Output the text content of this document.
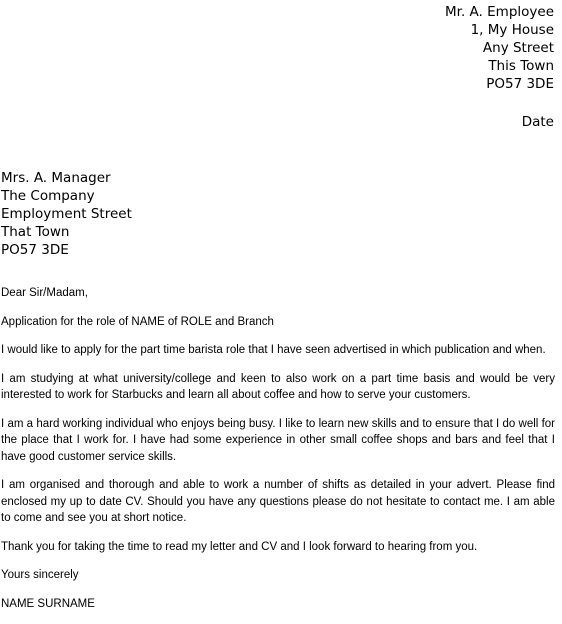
Mr. A. Employee
1, My House
Any Street
This Town
PO57 3DE
Date
Mrs. A. Manager
The Company
Employment Street
That Town
PO57 3DE

Dear Sir/Madam,

Application for the role of NAME of ROLE and Branch

I would like to apply for the part time barista role that I have seen advertised in which publication and when.

I am studying at what university/college and keen to also work on a part time basis and would be very interested to work for Starbucks and learn all about coffee and how to serve your customers.

I am a hard working individual who enjoys being busy. I like to learn new skills and to ensure that I do well for the place that I work for. I have had some experience in other small coffee shops and bars and feel that I have good customer service skills.

I am organised and thorough and able to work a number of shifts as detailed in your advert. Please find enclosed my up to date CV. Should you have any questions please do not hesitate to contact me. I am able to come and see you at short notice.

Thank you for taking the time to read my letter and CV and I look forward to hearing from you.

Yours sincerely

NAME SURNAME
